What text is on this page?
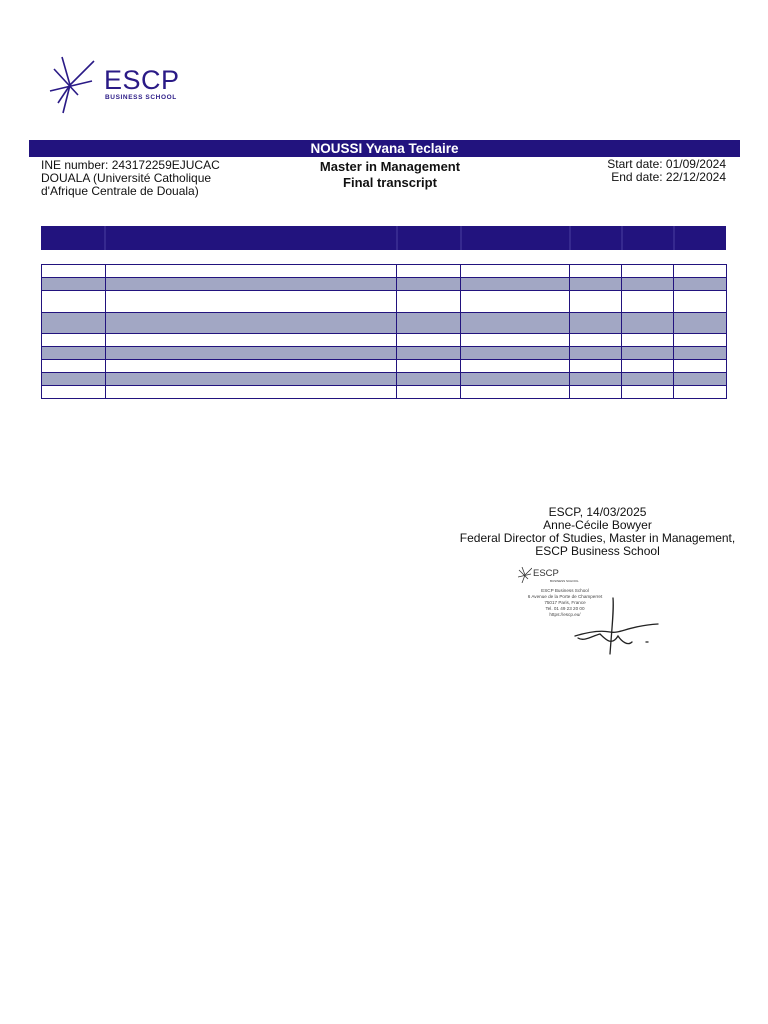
ESCP
BUSINESS SCHOOL
NOUSSI Yvana Teclaire
INE number: 243172259EJUCAC
DOUALA (Université Catholique
d'Afrique Centrale de Douala)
Master in Management
Final transcript
Start date: 01/09/2024
End date: 22/12/2024

ESCP, 14/03/2025
Anne-Cécile Bowyer
Federal Director of Studies, Master in Management,
ESCP Business School
ESCP
BUSINESS SCHOOL
ESCP Business School
6 Avenue de la Porte de Champerret
75017 Paris, France
Tel. 01 49 23 20 00
https://escp.eu/
